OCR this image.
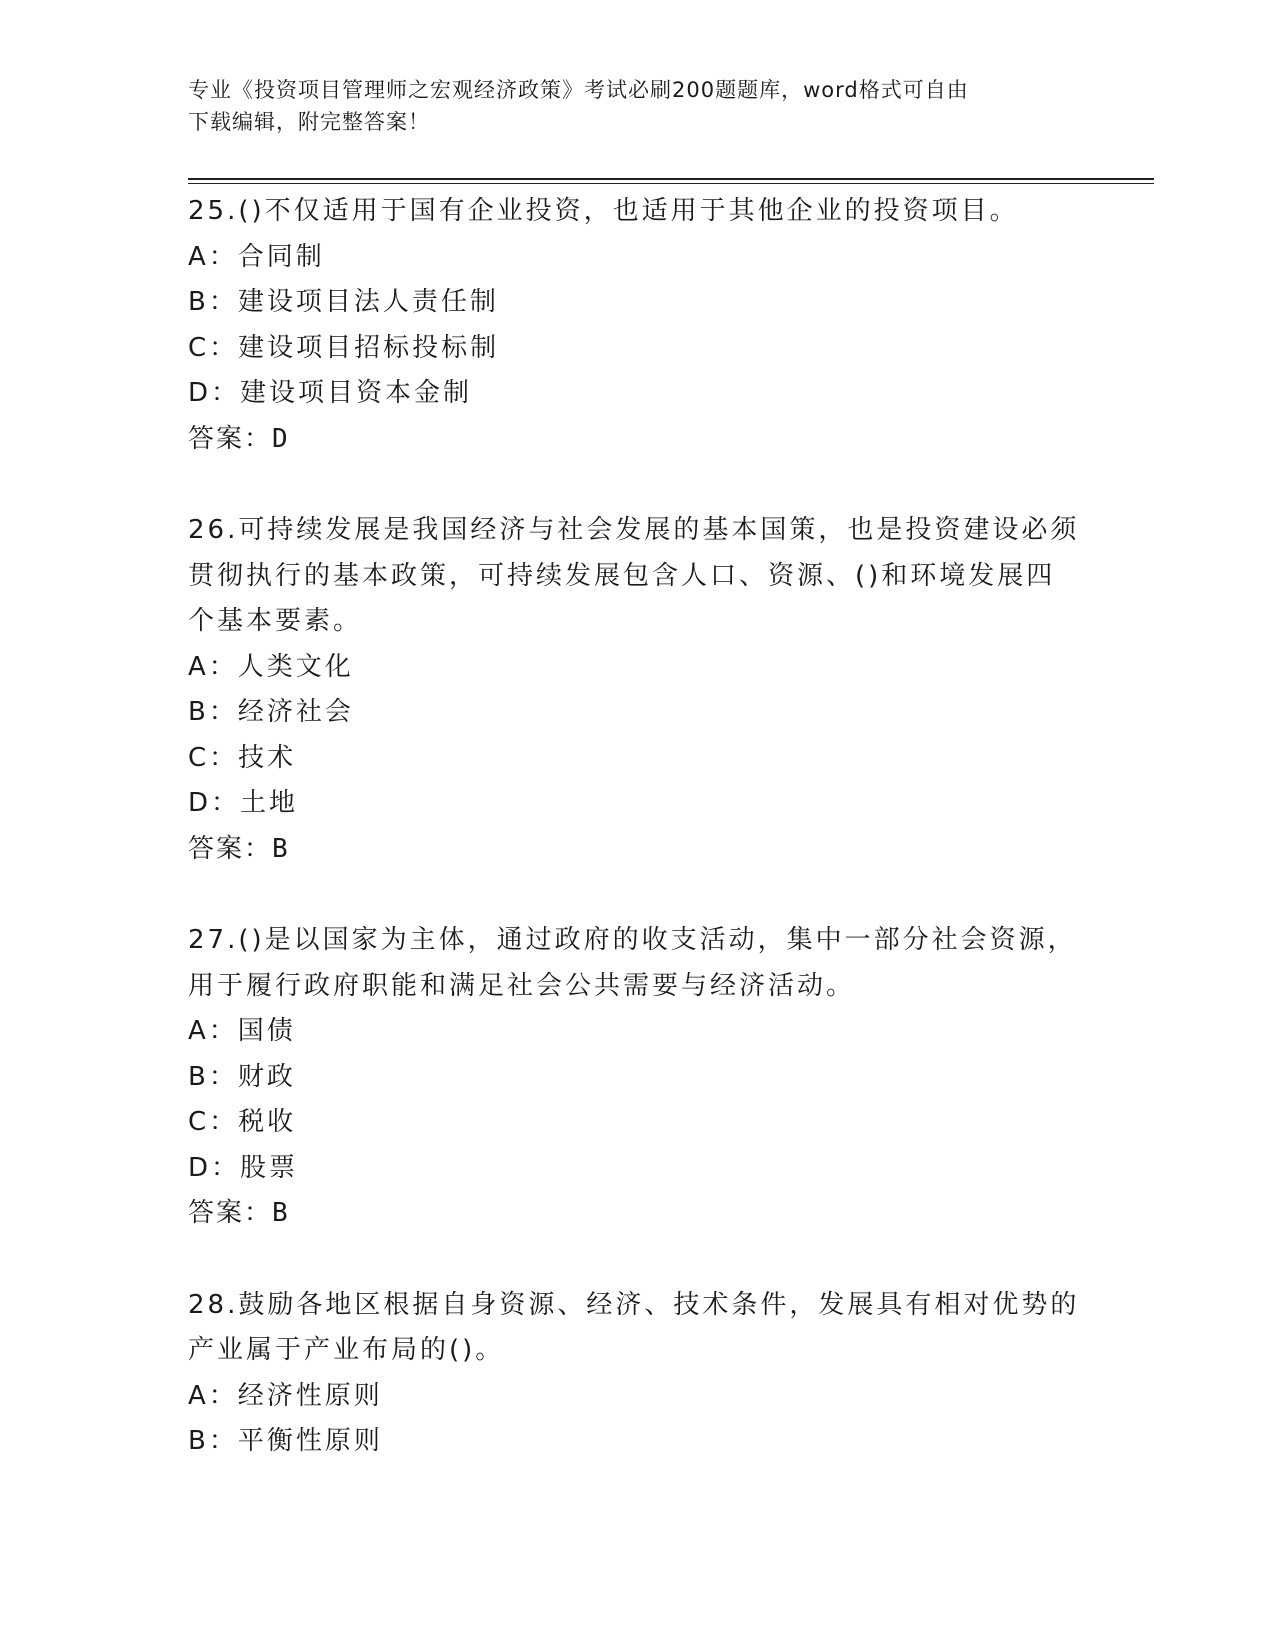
专业《投资项目管理师之宏观经济政策》考试必刷200题题库，word格式可自由
下载编辑，附完整答案！
25.()不仅适用于国有企业投资，也适用于其他企业的投资项目。
A：合同制
B：建设项目法人责任制
C：建设项目招标投标制
D：建设项目资本金制
答案：D
26.可持续发展是我国经济与社会发展的基本国策，也是投资建设必须
贯彻执行的基本政策，可持续发展包含人口、资源、()和环境发展四
个基本要素。
A：人类文化
B：经济社会
C：技术
D：土地
答案：B
27.()是以国家为主体，通过政府的收支活动，集中一部分社会资源，
用于履行政府职能和满足社会公共需要与经济活动。
A：国债
B：财政
C：税收
D：股票
答案：B
28.鼓励各地区根据自身资源、经济、技术条件，发展具有相对优势的
产业属于产业布局的()。
A：经济性原则
B：平衡性原则
